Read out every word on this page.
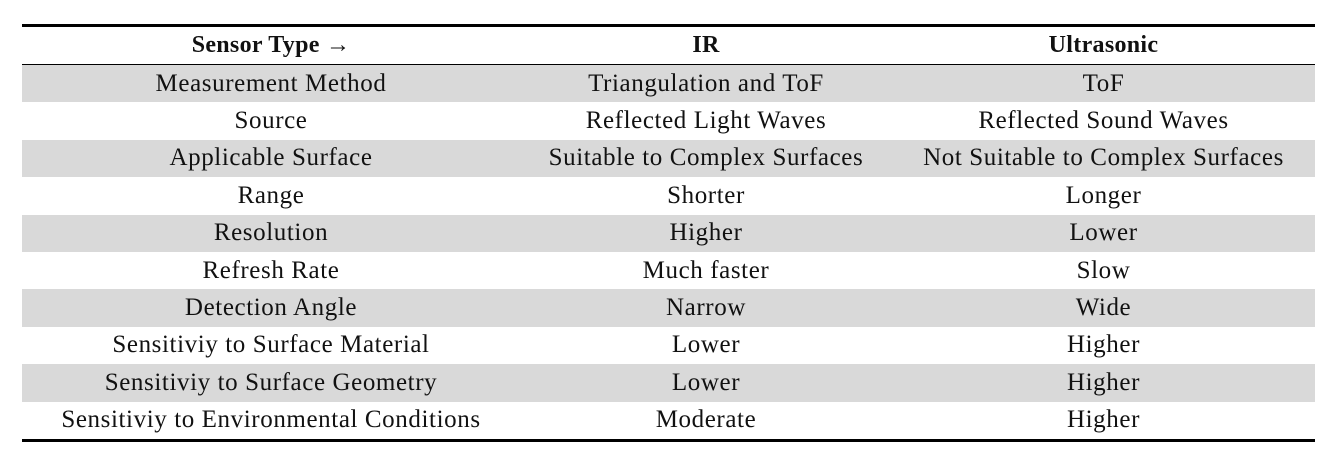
Sensor Type →	IR	Ultrasonic
Measurement Method	Triangulation and ToF	ToF
Source	Reflected Light Waves	Reflected Sound Waves
Applicable Surface	Suitable to Complex Surfaces	Not Suitable to Complex Surfaces
Range	Shorter	Longer
Resolution	Higher	Lower
Refresh Rate	Much faster	Slow
Detection Angle	Narrow	Wide
Sensitiviy to Surface Material	Lower	Higher
Sensitiviy to Surface Geometry	Lower	Higher
Sensitiviy to Environmental Conditions	Moderate	Higher
